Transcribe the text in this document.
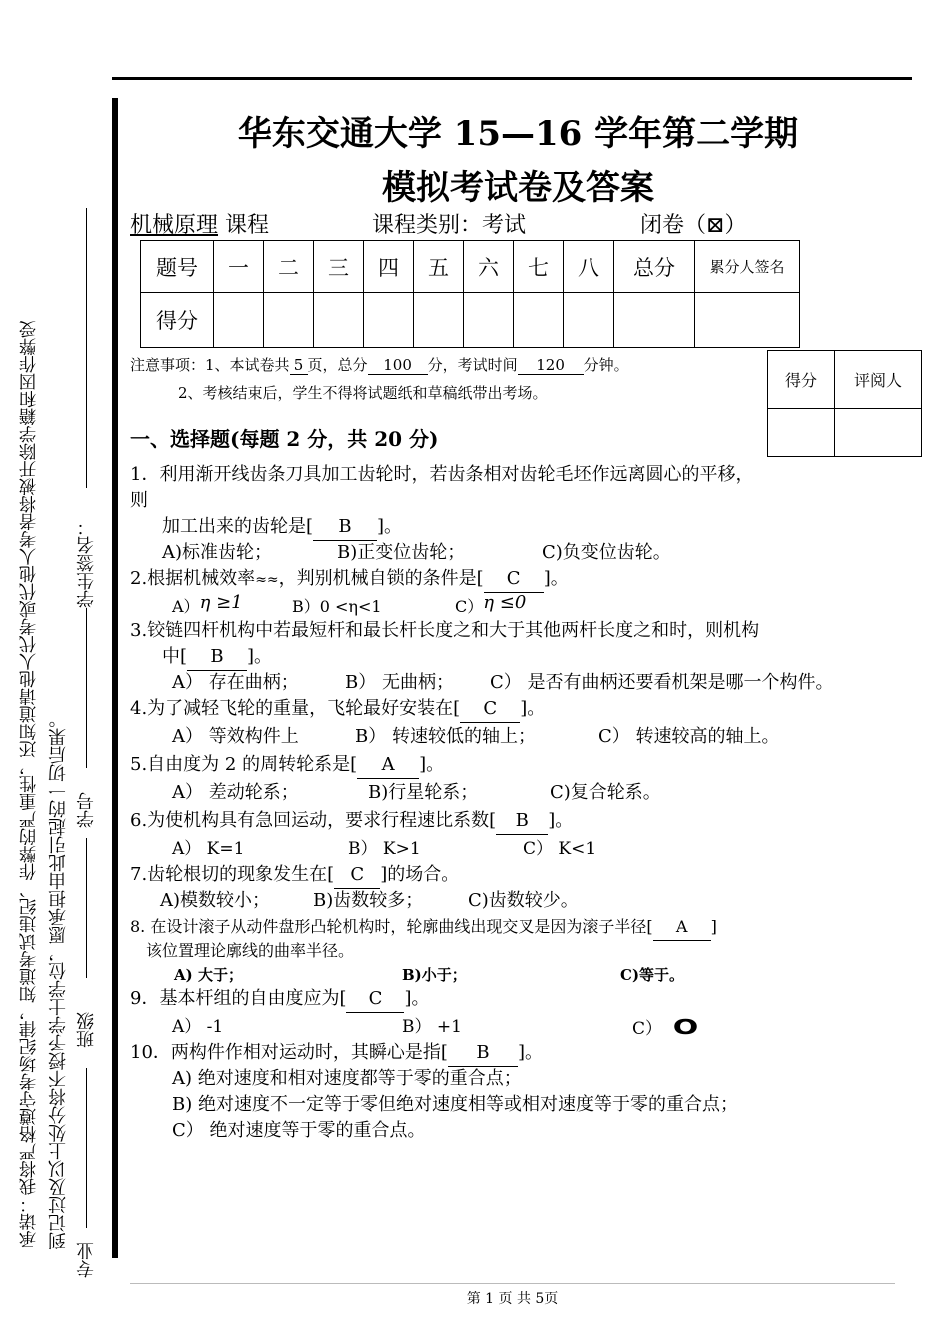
承诺：我将严格遵守考场纪律，知道考试违纪、作弊的严重性，还知道请他人代考或代他人考者将被开除学籍和因作弊受 到记过及以上处分将不授予学士学位，愿承担由此引起的一切后果。
专业
班级
学号
学生签名：
华东交通大学 15—16 学年第二学期
模拟考试卷及答案
机械原理 课程	课程类别：考试	闭卷（⊠）
题号	一	二	三	四	五	六	七	八	总分	累分人签名
得分										
得分	评阅人

注意事项：1、本试卷共 5 页，总分 100 分，考试时间 120 分钟。
2、考核结束后，学生不得将试题纸和草稿纸带出考场。
一、选择题(每题 2 分，共 20 分)
1．利用渐开线齿条刀具加工齿轮时，若齿条相对齿轮毛坯作远离圆心的平移，
则
加工出来的齿轮是[ B ]。
A)标准齿轮；	B)正变位齿轮；	C)负变位齿轮。
2.根据机械效率≈≈，判别机械自锁的条件是[ C ]。
A）η ≥1	B）0 <η<1	C）η ≤0
3.铰链四杆机构中若最短杆和最长杆长度之和大于其他两杆长度之和时，则机构
中[ B ]。
A） 存在曲柄；	B） 无曲柄； C） 是否有曲柄还要看机架是哪一个构件。
4.为了减轻飞轮的重量，飞轮最好安装在[ C ]。
A） 等效构件上	B） 转速较低的轴上；	C） 转速较高的轴上。
5.自由度为 2 的周转轮系是[ A ]。
A） 差动轮系；	B)行星轮系；	C)复合轮系。
6.为使机构具有急回运动，要求行程速比系数[ B ]。
A） K=1	B） K>1	C） K<1
7.齿轮根切的现象发生在[ C ]的场合。
A)模数较小； B)齿数较多； C)齿数较少。
8. 在设计滚子从动件盘形凸轮机构时，轮廓曲线出现交叉是因为滚子半径[ A ]
该位置理论廓线的曲率半径。
A) 大于；	B)小于；	C)等于。
9．基本杆组的自由度应为[ C ]。
A） -1	B） +1	C） O
10．两构件作相对运动时，其瞬心是指[ B ]。
A) 绝对速度和相对速度都等于零的重合点；
B) 绝对速度不一定等于零但绝对速度相等或相对速度等于零的重合点；
C） 绝对速度等于零的重合点。
第 1 页 共 5页
